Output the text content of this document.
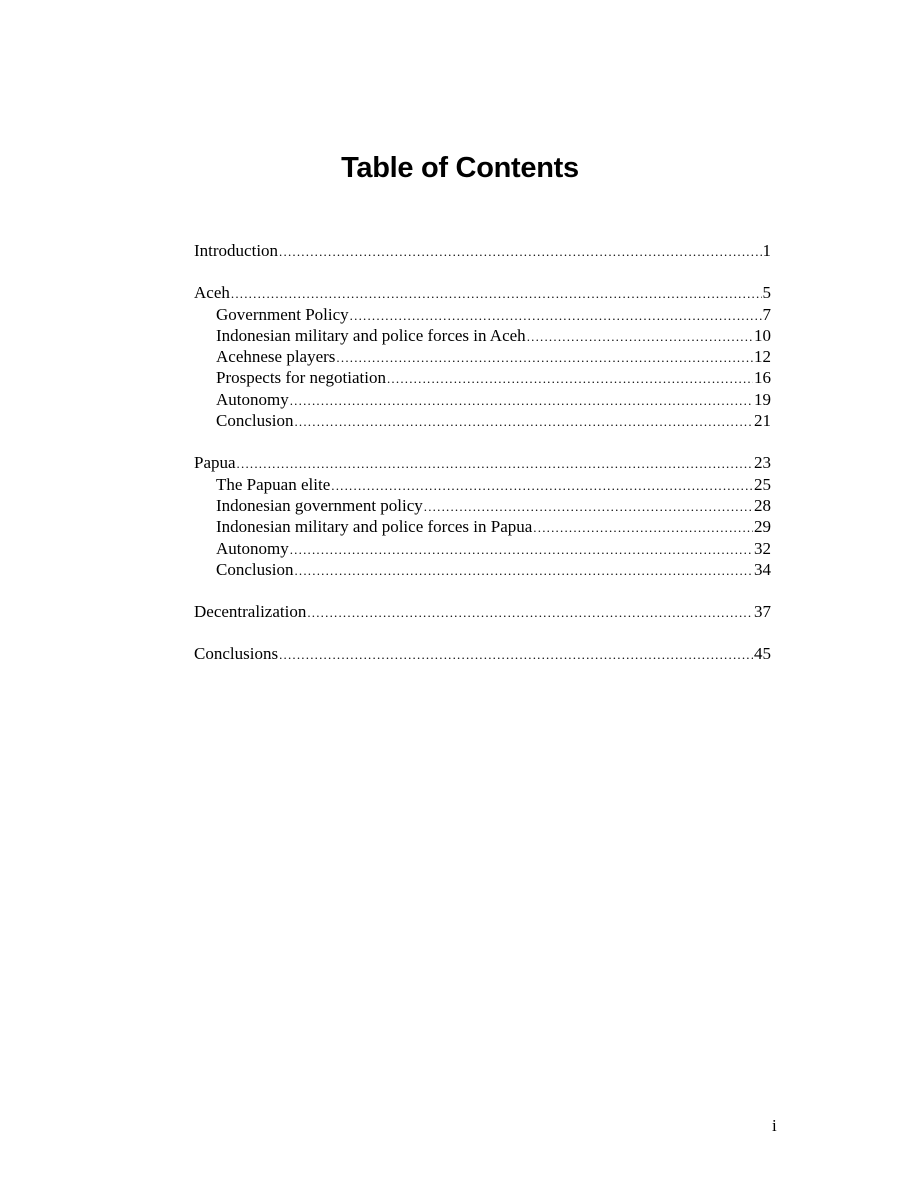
Table of Contents
Introduction .....	1
Aceh .....	5
Government Policy .....	7
Indonesian military and police forces in Aceh .....	10
Acehnese players .....	12
Prospects for negotiation .....	16
Autonomy .....	19
Conclusion .....	21
Papua .....	23
The Papuan elite .....	25
Indonesian government policy .....	28
Indonesian military and police forces in Papua .....	29
Autonomy .....	32
Conclusion .....	34
Decentralization .....	37
Conclusions .....	45
i
